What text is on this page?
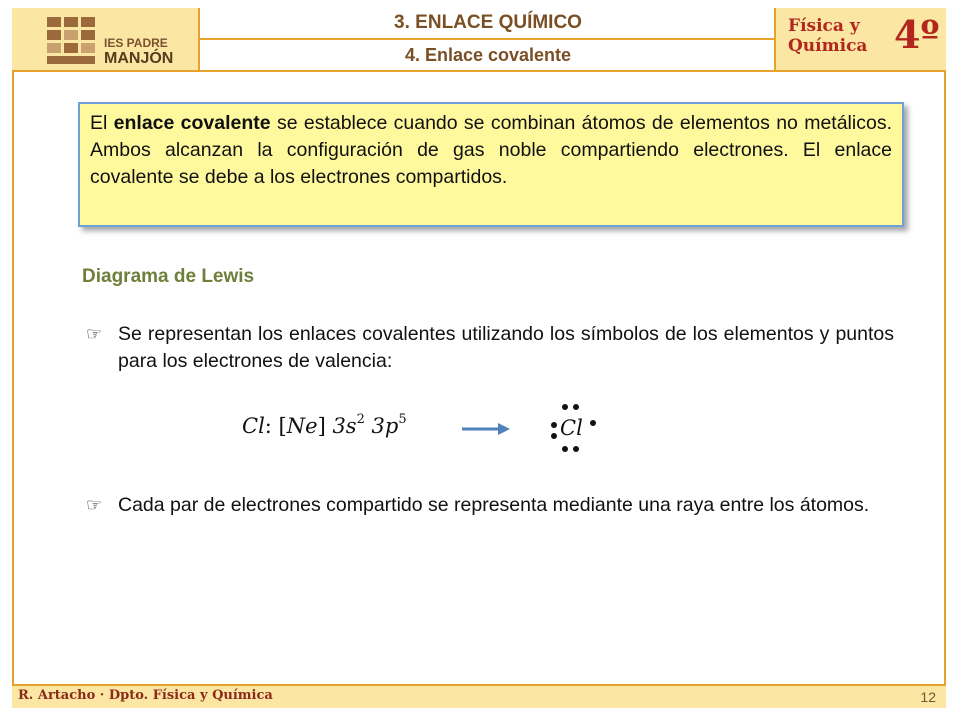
IES PADRE
MANJÓN
3. ENLACE QUÍMICO
4. Enlace covalente
Física y
Química 4º
El enlace covalente se establece cuando se combinan átomos de elementos no metálicos. Ambos alcanzan la configuración de gas noble compartiendo electrones. El enlace covalente se debe a los electrones compartidos.
Diagrama de Lewis
☞ Se representan los enlaces covalentes utilizando los símbolos de los elementos y puntos para los electrones de valencia:
Cl: [Ne] $3s^2$ $3p^5$	Cl
☞ Cada par de electrones compartido se representa mediante una raya entre los átomos.
R. Artacho · Dpto. Física y Química	12
